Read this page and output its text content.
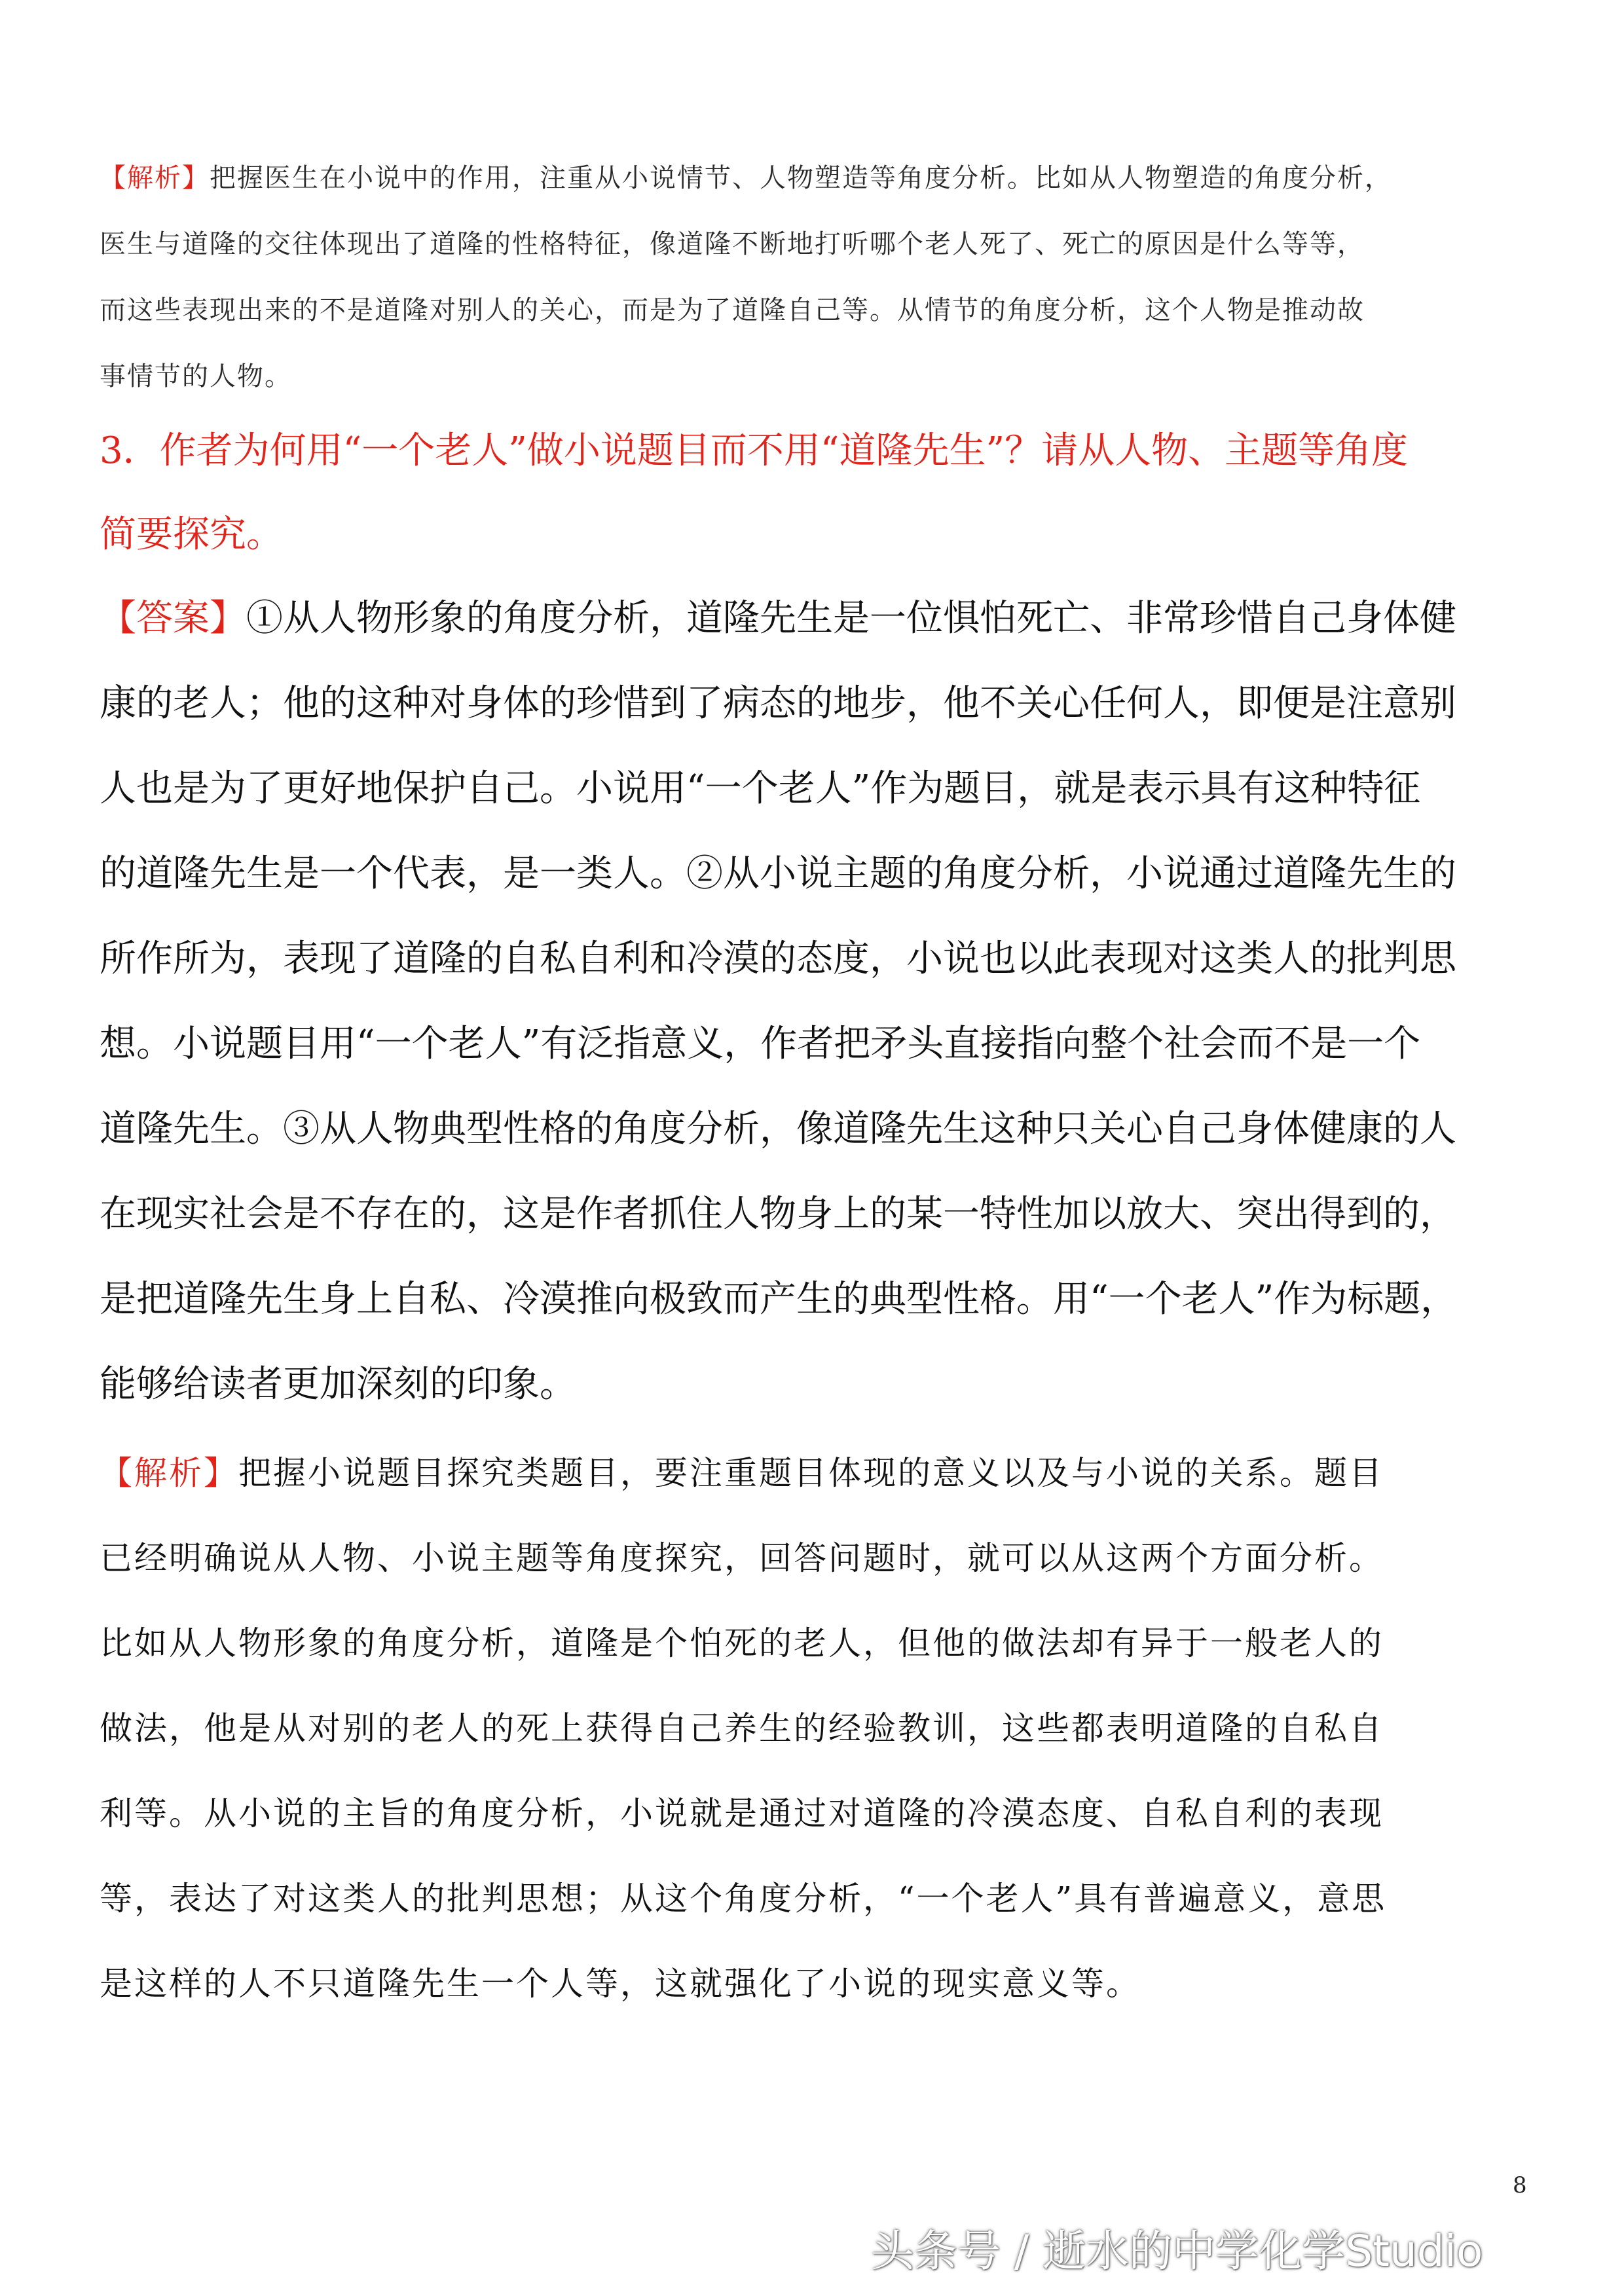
【解析】把握医生在小说中的作用，注重从小说情节、人物塑造等角度分析。比如从人物塑造的角度分析，
医生与道隆的交往体现出了道隆的性格特征，像道隆不断地打听哪个老人死了、死亡的原因是什么等等，
而这些表现出来的不是道隆对别人的关心，而是为了道隆自己等。从情节的角度分析，这个人物是推动故
事情节的人物。

3．作者为何用“一个老人”做小说题目而不用“道隆先生”？请从人物、主题等角度
简要探究。

【答案】①从人物形象的角度分析，道隆先生是一位惧怕死亡、非常珍惜自己身体健
康的老人；他的这种对身体的珍惜到了病态的地步，他不关心任何人，即便是注意别
人也是为了更好地保护自己。小说用“一个老人”作为题目，就是表示具有这种特征
的道隆先生是一个代表，是一类人。②从小说主题的角度分析，小说通过道隆先生的
所作所为，表现了道隆的自私自利和冷漠的态度，小说也以此表现对这类人的批判思
想。小说题目用“一个老人”有泛指意义，作者把矛头直接指向整个社会而不是一个
道隆先生。③从人物典型性格的角度分析，像道隆先生这种只关心自己身体健康的人
在现实社会是不存在的，这是作者抓住人物身上的某一特性加以放大、突出得到的，
是把道隆先生身上自私、冷漠推向极致而产生的典型性格。用“一个老人”作为标题，
能够给读者更加深刻的印象。

【解析】把握小说题目探究类题目，要注重题目体现的意义以及与小说的关系。题目
已经明确说从人物、小说主题等角度探究，回答问题时，就可以从这两个方面分析。
比如从人物形象的角度分析，道隆是个怕死的老人，但他的做法却有异于一般老人的
做法，他是从对别的老人的死上获得自己养生的经验教训，这些都表明道隆的自私自
利等。从小说的主旨的角度分析，小说就是通过对道隆的冷漠态度、自私自利的表现
等，表达了对这类人的批判思想；从这个角度分析，“一个老人”具有普遍意义，意思
是这样的人不只道隆先生一个人等，这就强化了小说的现实意义等。

8
头条号 / 逝水的中学化学Studio
